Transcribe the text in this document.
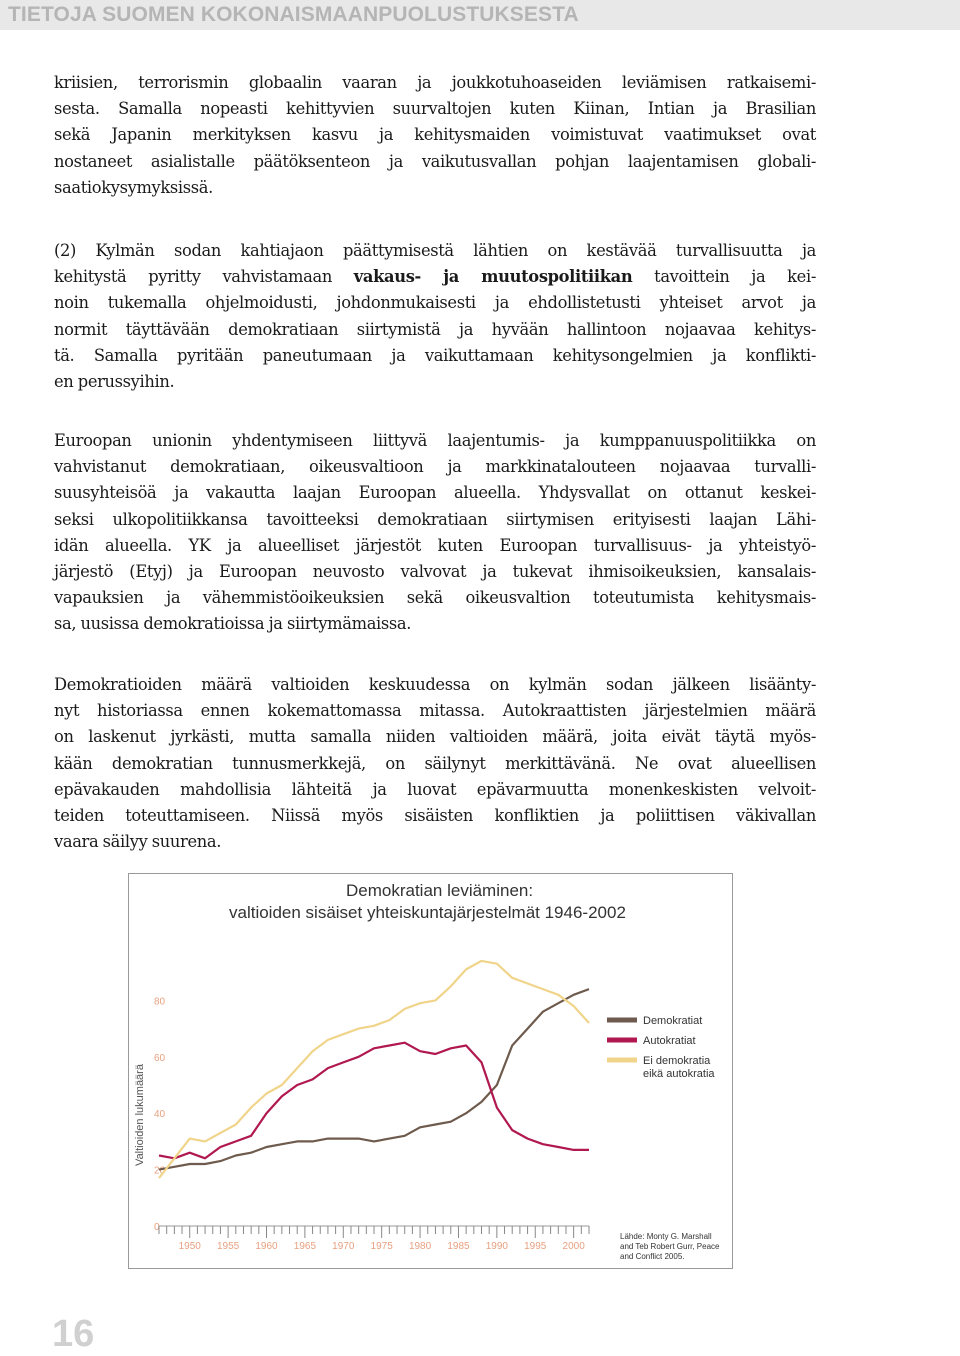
TIETOJA SUOMEN KOKONAISMAANPUOLUSTUKSESTA
kriisien, terrorismin globaalin vaaran ja joukkotuhoaseiden leviämisen ratkaisemi-
sesta. Samalla nopeasti kehittyvien suurvaltojen kuten Kiinan, Intian ja Brasilian
sekä Japanin merkityksen kasvu ja kehitysmaiden voimistuvat vaatimukset ovat
nostaneet asialistalle päätöksenteon ja vaikutusvallan pohjan laajentamisen globali-
saatiokysymyksissä.
(2) Kylmän sodan kahtiajaon päättymisestä lähtien on kestävää turvallisuutta ja
kehitystä pyritty vahvistamaan vakaus- ja muutospolitiikan tavoittein ja kei-
noin tukemalla ohjelmoidusti, johdonmukaisesti ja ehdollistetusti yhteiset arvot ja
normit täyttävään demokratiaan siirtymistä ja hyvään hallintoon nojaavaa kehitys-
tä. Samalla pyritään paneutumaan ja vaikuttamaan kehitysongelmien ja konflikti-
en perussyihin.
Euroopan unionin yhdentymiseen liittyvä laajentumis- ja kumppanuuspolitiikka on
vahvistanut demokratiaan, oikeusvaltioon ja markkinatalouteen nojaavaa turvalli-
suusyhteisöä ja vakautta laajan Euroopan alueella. Yhdysvallat on ottanut keskei-
seksi ulkopolitiikkansa tavoitteeksi demokratiaan siirtymisen erityisesti laajan Lähi-
idän alueella. YK ja alueelliset järjestöt kuten Euroopan turvallisuus- ja yhteistyö-
järjestö (Etyj) ja Euroopan neuvosto valvovat ja tukevat ihmisoikeuksien, kansalais-
vapauksien ja vähemmistöoikeuksien sekä oikeusvaltion toteutumista kehitysmais-
sa, uusissa demokratioissa ja siirtymämaissa.
Demokratioiden määrä valtioiden keskuudessa on kylmän sodan jälkeen lisäänty-
nyt historiassa ennen kokemattomassa mitassa. Autokraattisten järjestelmien määrä
on laskenut jyrkästi, mutta samalla niiden valtioiden määrä, joita eivät täytä myös-
kään demokratian tunnusmerkkejä, on säilynyt merkittävänä. Ne ovat alueellisen
epävakauden mahdollisia lähteitä ja luovat epävarmuutta monenkeskisten velvoit-
teiden toteuttamiseen. Niissä myös sisäisten konfliktien ja poliittisen väkivallan
vaara säilyy suurena.
Demokratian leviäminen:
valtioiden sisäiset yhteiskuntajärjestelmät 1946-2002
Valtioiden lukumäärä
0
20
40
60
80
1950 1955 1960 1965 1970 1975 1980 1985 1990 1995 2000
Demokratiat
Autokratiat
Ei demokratia
eikä autokratia
Lähde: Monty G. Marshall
and Teb Robert Gurr, Peace
and Conflict 2005.
16
